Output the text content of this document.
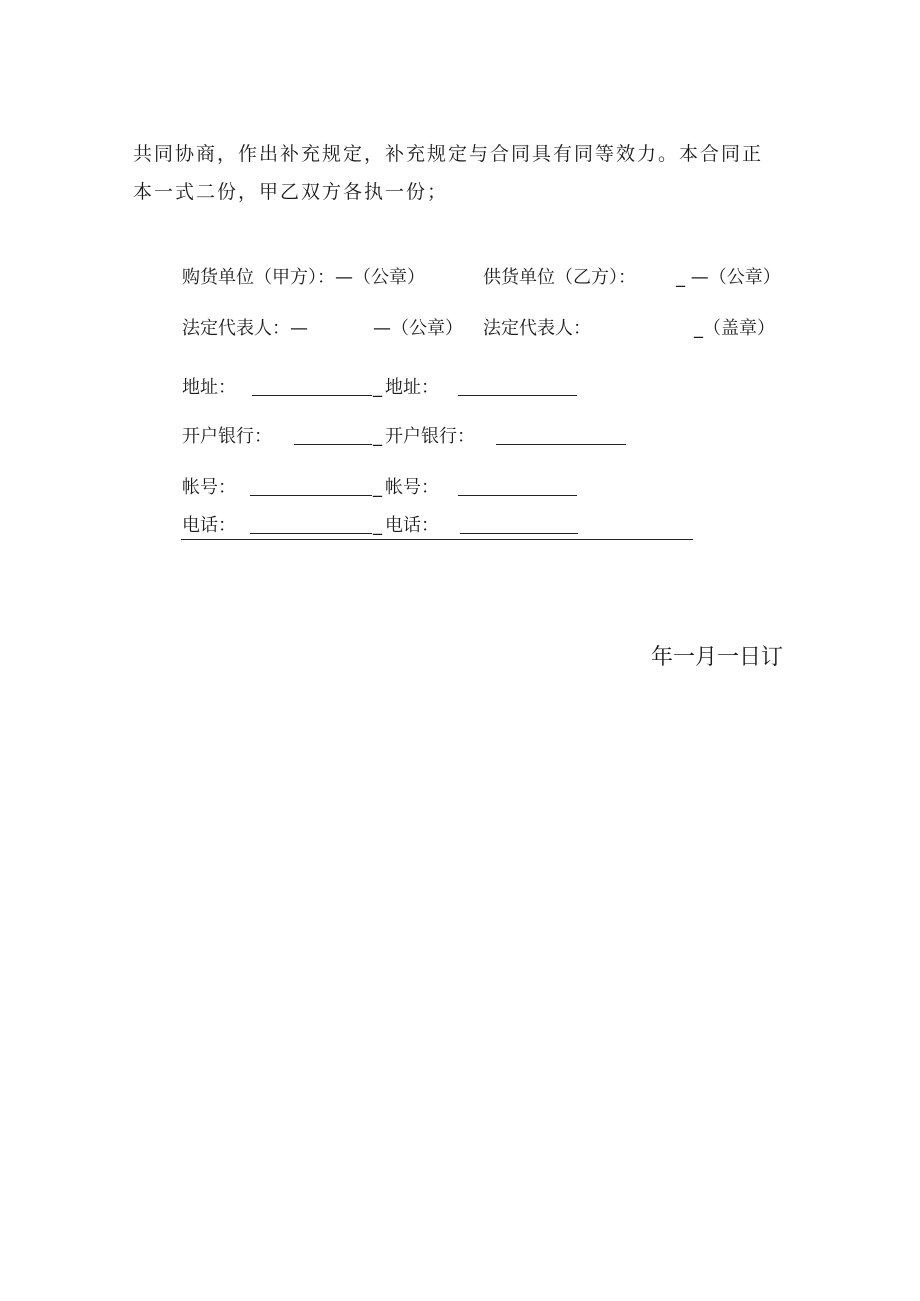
共同协商，作出补充规定，补充规定与合同具有同等效力。本合同正
本一式二份，甲乙双方各执一份；
购货单位（甲方）：—（公章）	供货单位（乙方）： _ —（公章）
法定代表人：—	—（公章） 法定代表人：	_（盖章）
地址：	_ 地址：
开户银行：	_ 开户银行：
帐号：	_ 帐号：
电话：	_ 电话：
年一月一日订
